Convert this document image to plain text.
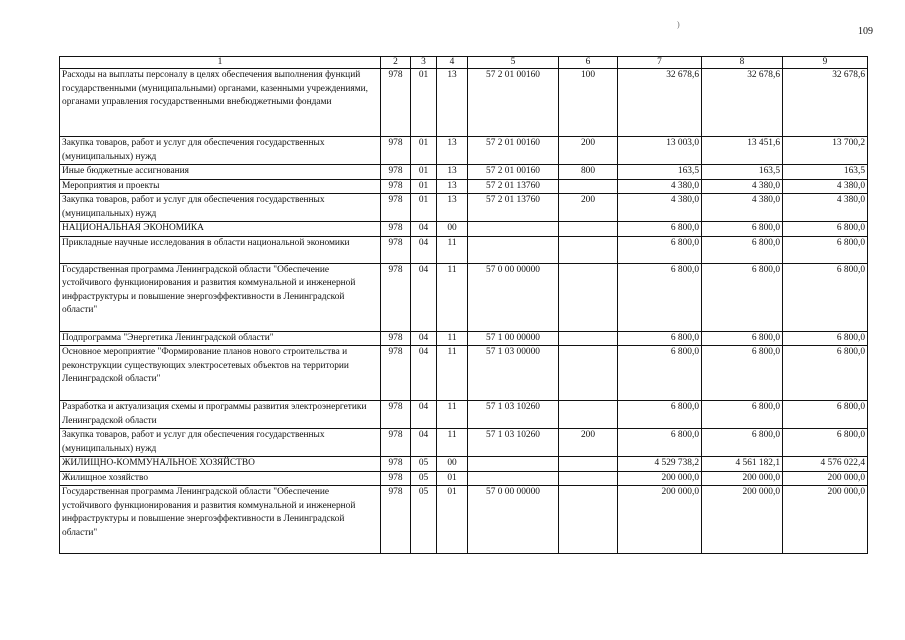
)
109
1	2	3	4	5	6	7	8	9
Расходы на выплаты персоналу в целях обеспечения выполнения функций государственными (муниципальными) органами, казенными учреждениями, органами управления государственными внебюджетными фондами	978	01	13	57 2 01 00160	100	32 678,6	32 678,6	32 678,6
Закупка товаров, работ и услуг для обеспечения государственных (муниципальных) нужд	978	01	13	57 2 01 00160	200	13 003,0	13 451,6	13 700,2
Иные бюджетные ассигнования	978	01	13	57 2 01 00160	800	163,5	163,5	163,5
Мероприятия и проекты	978	01	13	57 2 01 13760		4 380,0	4 380,0	4 380,0
Закупка товаров, работ и услуг для обеспечения государственных (муниципальных) нужд	978	01	13	57 2 01 13760	200	4 380,0	4 380,0	4 380,0
НАЦИОНАЛЬНАЯ ЭКОНОМИКА	978	04	00			6 800,0	6 800,0	6 800,0
Прикладные научные исследования в области национальной экономики	978	04	11			6 800,0	6 800,0	6 800,0
Государственная программа Ленинградской области "Обеспечение устойчивого функционирования и развития коммунальной и инженерной инфраструктуры и повышение энергоэффективности в Ленинградской области"	978	04	11	57 0 00 00000		6 800,0	6 800,0	6 800,0
Подпрограмма "Энергетика Ленинградской области"	978	04	11	57 1 00 00000		6 800,0	6 800,0	6 800,0
Основное мероприятие "Формирование планов нового строительства и реконструкции существующих электросетевых объектов на территории Ленинградской области"	978	04	11	57 1 03 00000		6 800,0	6 800,0	6 800,0
Разработка и актуализация схемы и программы развития электроэнергетики Ленинградской области	978	04	11	57 1 03 10260		6 800,0	6 800,0	6 800,0
Закупка товаров, работ и услуг для обеспечения государственных (муниципальных) нужд	978	04	11	57 1 03 10260	200	6 800,0	6 800,0	6 800,0
ЖИЛИЩНО-КОММУНАЛЬНОЕ ХОЗЯЙСТВО	978	05	00			4 529 738,2	4 561 182,1	4 576 022,4
Жилищное хозяйство	978	05	01			200 000,0	200 000,0	200 000,0
Государственная программа Ленинградской области "Обеспечение устойчивого функционирования и развития коммунальной и инженерной инфраструктуры и повышение энергоэффективности в Ленинградской области"	978	05	01	57 0 00 00000		200 000,0	200 000,0	200 000,0
